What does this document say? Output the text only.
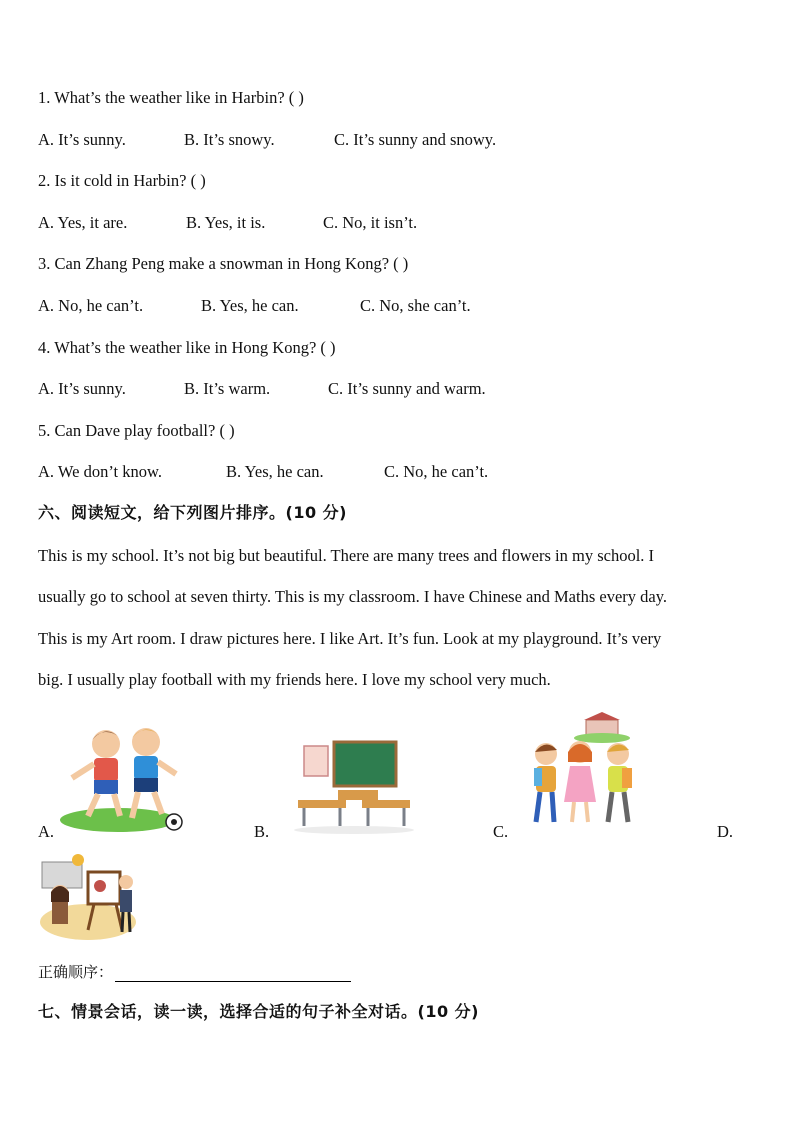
1. What’s the weather like in Harbin? ( )
A. It’s sunny.	B. It’s snowy.	C. It’s sunny and snowy.
2. Is it cold in Harbin? ( )
A. Yes, it are.	B. Yes, it is.	C. No, it isn’t.
3. Can Zhang Peng make a snowman in Hong Kong? ( )
A. No, he can’t.	B. Yes, he can.	C. No, she can’t.
4. What’s the weather like in Hong Kong? ( )
A. It’s sunny.	B. It’s warm.	C. It’s sunny and warm.
5. Can Dave play football? ( )
A. We don’t know.	B. Yes, he can.	C. No, he can’t.
六、阅读短文，给下列图片排序。(10 分)
This is my school. It’s not big but beautiful. There are many trees and flowers in my school. I
usually go to school at seven thirty. This is my classroom. I have Chinese and Maths every day.
This is my Art room. I draw pictures here. I like Art. It’s fun. Look at my playground. It’s very
big. I usually play football with my friends here. I love my school very much.
A.	B.	C.	D.
正确顺序：
七、情景会话，读一读，选择合适的句子补全对话。(10 分)
